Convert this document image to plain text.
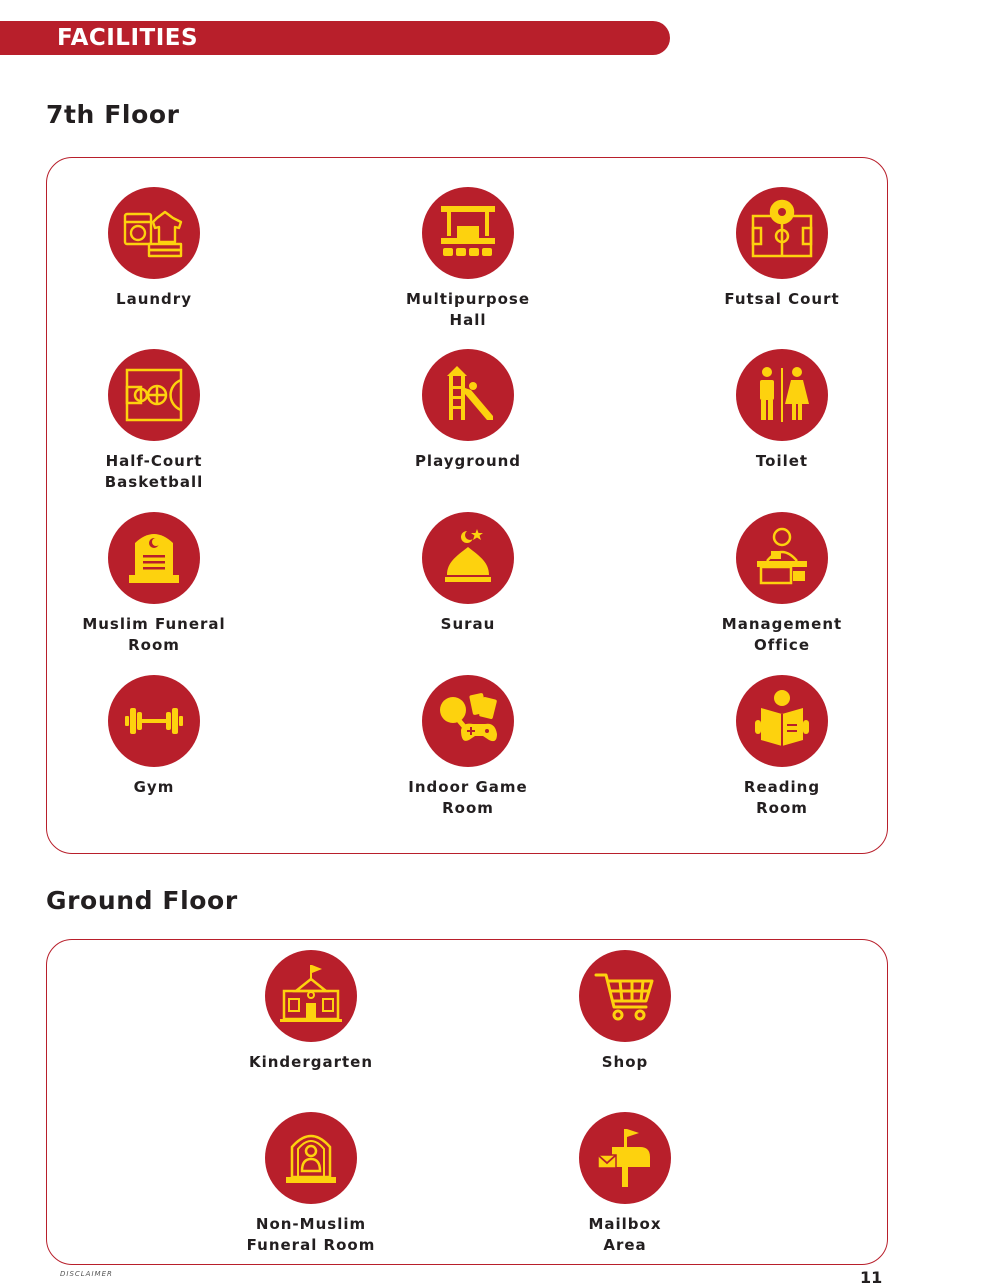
FACILITIES
7th Floor
Ground Floor
Laundry	Multipurpose
Hall
Futsal Court
Half-Court
Basketball
Playground	Toilet
Muslim Funeral
Room
Surau	Management
Office
Gym	Indoor Game
Room
Reading
Room
Kindergarten	Shop
Non-Muslim
Funeral Room
Mailbox
Area
DISCLAIMER	11
